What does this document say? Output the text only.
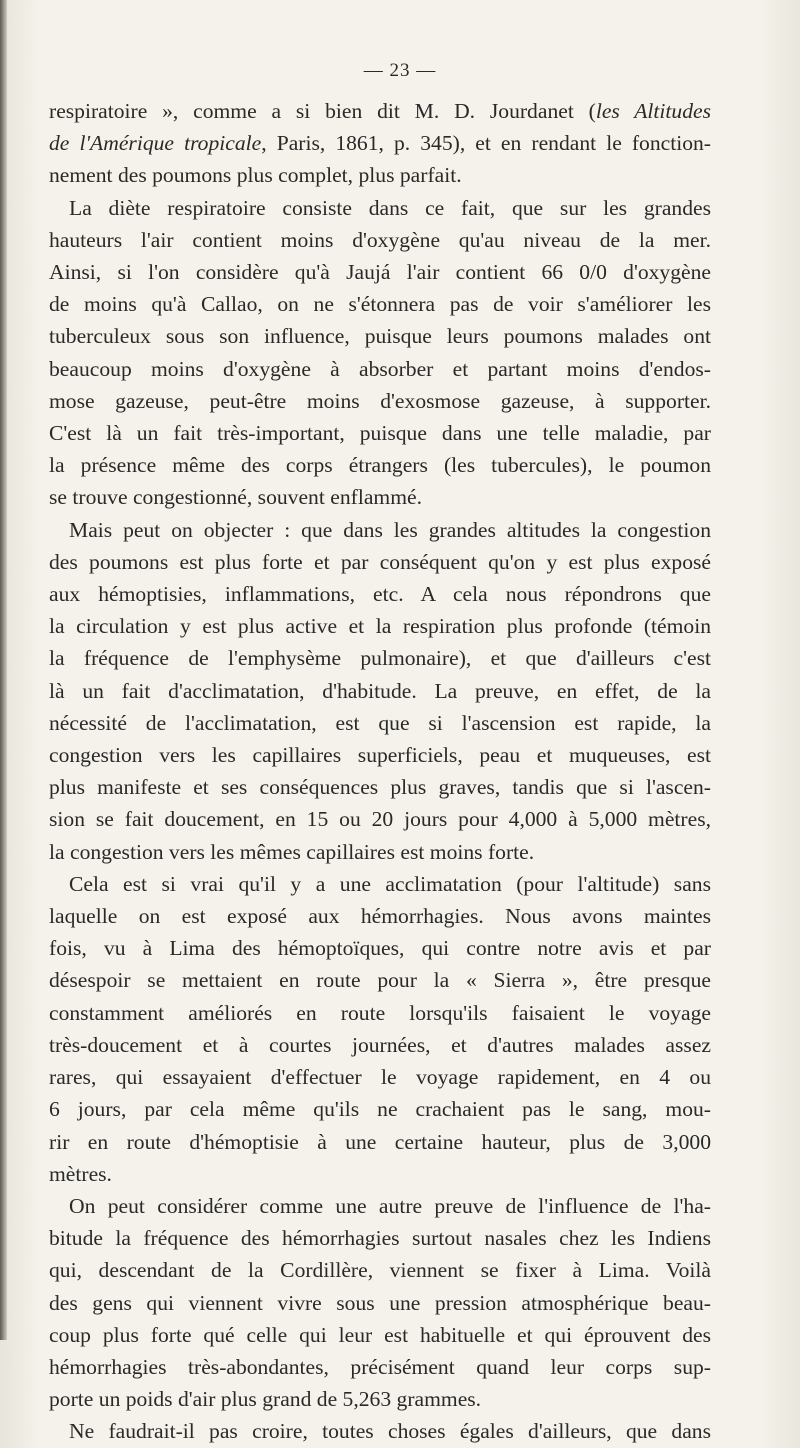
— 23 —
respiratoire », comme a si bien dit M. D. Jourdanet (les Altitudes
de l'Amérique tropicale, Paris, 1861, p. 345), et en rendant le fonction-
nement des poumons plus complet, plus parfait.
La diète respiratoire consiste dans ce fait, que sur les grandes
hauteurs l'air contient moins d'oxygène qu'au niveau de la mer.
Ainsi, si l'on considère qu'à Jaujá l'air contient 66 0/0 d'oxygène
de moins qu'à Callao, on ne s'étonnera pas de voir s'améliorer les
tuberculeux sous son influence, puisque leurs poumons malades ont
beaucoup moins d'oxygène à absorber et partant moins d'endos-
mose gazeuse, peut-être moins d'exosmose gazeuse, à supporter.
C'est là un fait très-important, puisque dans une telle maladie, par
la présence même des corps étrangers (les tubercules), le poumon
se trouve congestionné, souvent enflammé.
Mais peut on objecter : que dans les grandes altitudes la congestion
des poumons est plus forte et par conséquent qu'on y est plus exposé
aux hémoptisies, inflammations, etc. A cela nous répondrons que
la circulation y est plus active et la respiration plus profonde (témoin
la fréquence de l'emphysème pulmonaire), et que d'ailleurs c'est
là un fait d'acclimatation, d'habitude. La preuve, en effet, de la
nécessité de l'acclimatation, est que si l'ascension est rapide, la
congestion vers les capillaires superficiels, peau et muqueuses, est
plus manifeste et ses conséquences plus graves, tandis que si l'ascen-
sion se fait doucement, en 15 ou 20 jours pour 4,000 à 5,000 mètres,
la congestion vers les mêmes capillaires est moins forte.
Cela est si vrai qu'il y a une acclimatation (pour l'altitude) sans
laquelle on est exposé aux hémorrhagies. Nous avons maintes
fois, vu à Lima des hémoptoïques, qui contre notre avis et par
désespoir se mettaient en route pour la « Sierra », être presque
constamment améliorés en route lorsqu'ils faisaient le voyage
très-doucement et à courtes journées, et d'autres malades assez
rares, qui essayaient d'effectuer le voyage rapidement, en 4 ou
6 jours, par cela même qu'ils ne crachaient pas le sang, mou-
rir en route d'hémoptisie à une certaine hauteur, plus de 3,000
mètres.
On peut considérer comme une autre preuve de l'influence de l'ha-
bitude la fréquence des hémorrhagies surtout nasales chez les Indiens
qui, descendant de la Cordillère, viennent se fixer à Lima. Voilà
des gens qui viennent vivre sous une pression atmosphérique beau-
coup plus forte qué celle qui leur est habituelle et qui éprouvent des
hémorrhagies très-abondantes, précisément quand leur corps sup-
porte un poids d'air plus grand de 5,263 grammes.
Ne faudrait-il pas croire, toutes choses égales d'ailleurs, que dans
